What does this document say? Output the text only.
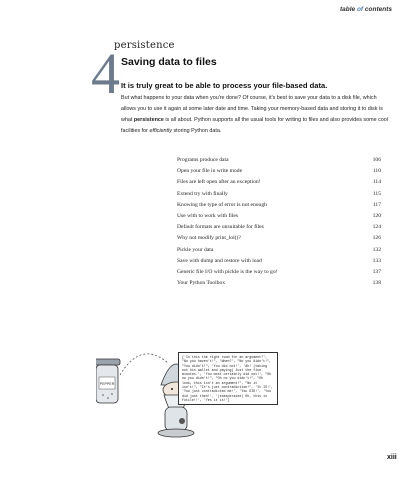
table of contents
4
persistence
Saving data to files
It is truly great to be able to process your file-based data.
But what happens to your data when you're done? Of course, it's best to save your data to a disk file, which allows you to use it again at some later date and time. Taking your memory-based data and storing it to disk is what persistence is all about. Python supports all the usual tools for writing to files and also provides some cool facilities for efficiently storing Python data.
Programs produce data	106
Open your file in write mode	110
Files are left open after an exception!	114
Extend try with finally	115
Knowing the type of error is not enough	117
Use with to work with files	120
Default formats are unsuitable for files	124
Why not modify print_lol()?	126
Pickle your data	132
Save with dump and restore with load	133
Generic file I/O with pickle is the way to go!	137
Your Python Toolbox	138
PEPPER
['Is this the right room for an argument?', "No you haven't!", 'When?', "No you didn't!", "You didn't!", 'You did not!', 'Ah! (taking out his wallet and paying) Just the five minutes.', 'You most certainly did not!', "Oh no you didn't!", "Oh no you didn't!", "Oh look, this isn't an argument!", "No it isn't!", "It's just contradiction!", 'It IS!', 'You just contradicted me!', 'You DID!', 'You did just then!', '(exasperated) Oh, this is futile!!', 'Yes it is!']
xiii
